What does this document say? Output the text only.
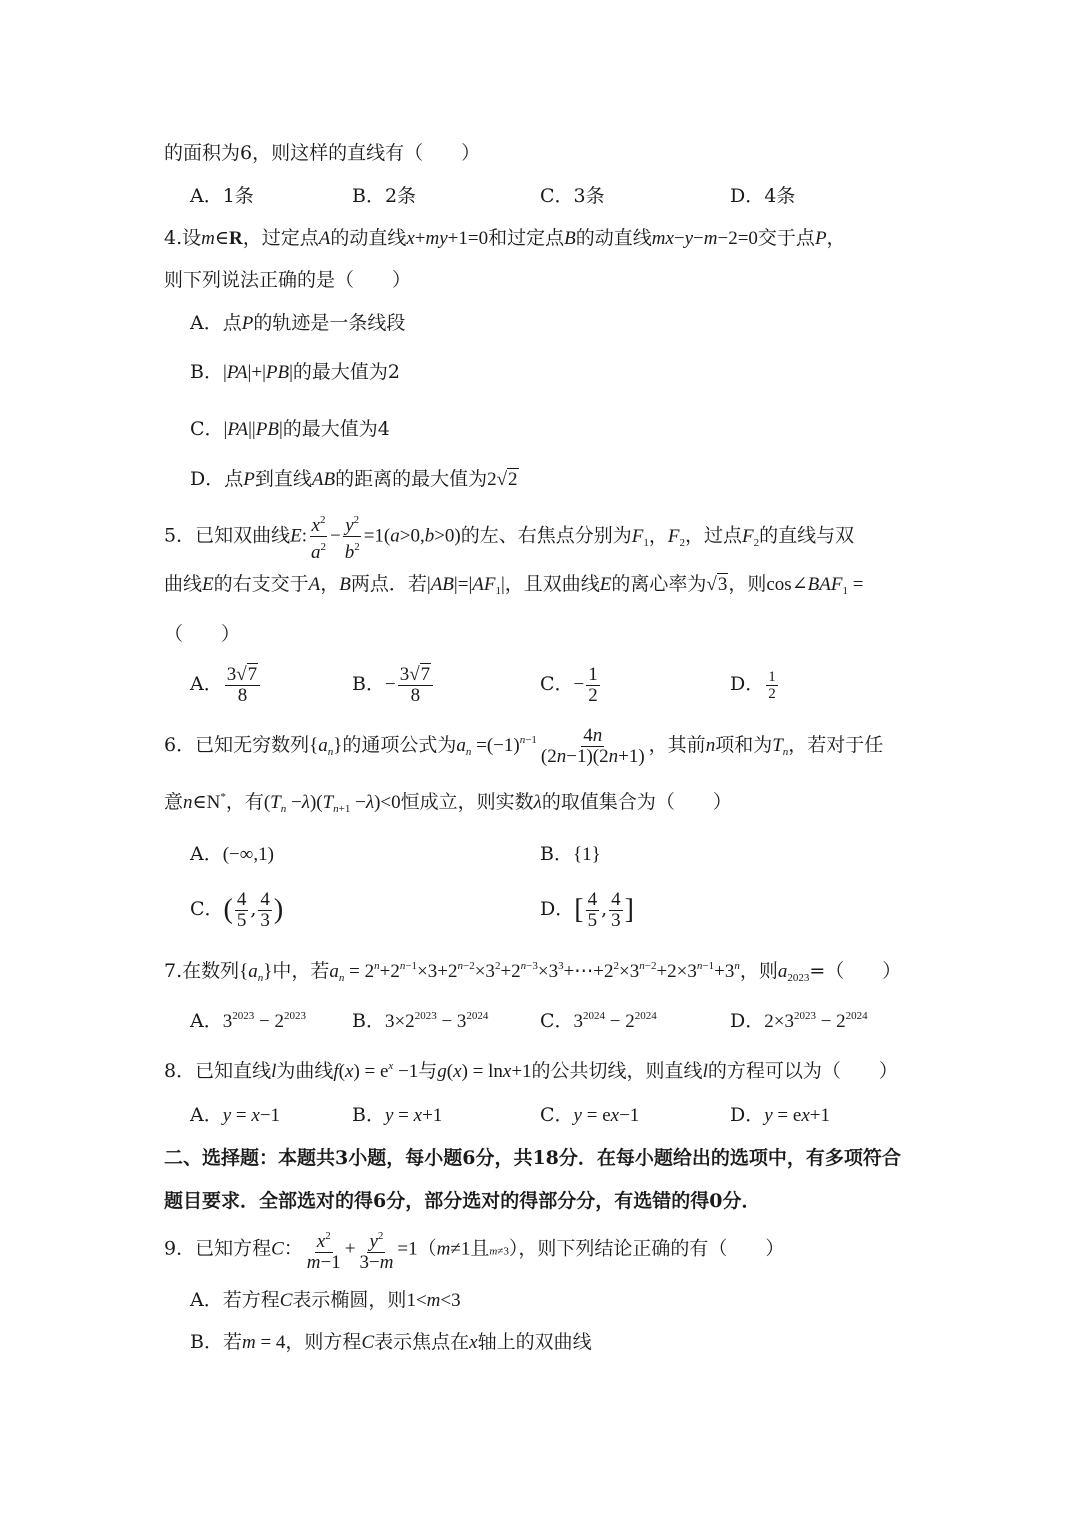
的面积为6，则这样的直线有（　　）
A．1条	B．2条	C．3条	D．4条
4.设m∈R，过定点A的动直线x+my+1=0和过定点B的动直线mx−y−m−2=0交于点P，
则下列说法正确的是（　　）
A．点P的轨迹是一条线段
B．|PA|+|PB|的最大值为2
C．|PA||PB|的最大值为4
D．点P到直线AB的距离的最大值为2√2
5．已知双曲线E: $\frac{x^2}{a^2} - \frac{y^2}{b^2} =1(a>0,b>0)$的左、右焦点分别为$F_1$，$F_2$，过点$F_2$的直线与双
曲线E的右支交于A，B两点．若$|AB|=|AF_1|$，且双曲线E的离心率为√3，则$\cos\angle BAF_1$ =
（　　）
A． $\frac{3√7}{8}$	B．− $\frac{3√7}{8}$	C．− $\frac{1}{2}$	D． $\frac{1}{2}$
6．已知无穷数列$\{a_n\}$的通项公式为$a_n =(-1)^{n-1} \frac{4n}{(2n-1)(2n+1)}$ ，其前n项和为$T_n$，若对于任
意n∈N*，有$(T_n -\lambda)(T_{n+1} -\lambda)<0$恒成立，则实数λ的取值集合为（　　）
A．(−∞,1)	B．{1}
C．( $\frac{4}{5}$ , $\frac{4}{3}$ )	D．[ $\frac{4}{5}$ , $\frac{4}{3}$ ]
7.在数列$\{a_n\}$中，若$a_n$ = $2^n+2^{n-1}\times 3+2^{n-2}\times 3^2+2^{n-3}\times 3^3+\cdots+2^2\times 3^{n-2}+2\times 3^{n-1}+3^n$，则$a_{2023}=$（　　）
A．$3^{2023} - 2^{2023}$ B．$3\times 2^{2023} - 3^{2024}$	C．$3^{2024} - 2^{2024}$	D．$2\times 3^{2023} - 2^{2024}$
8．已知直线l为曲线$f(x) = e^x -1$与g(x) = lnx+1的公共切线，则直线l的方程可以为（　　）
A．y = x−1	B．y = x+1	C．y = ex−1	D．y = ex+1
二、选择题：本题共3小题，每小题6分，共18分．在每小题给出的选项中，有多项符合
题目要求．全部选对的得6分，部分选对的得部分分，有选错的得0分．
9．已知方程C： $\frac{x^2}{m-1} + \frac{y^2}{3-m} =1(m\ne 1$且m≠3），则下列结论正确的有（　　）
A．若方程C表示椭圆，则1<m<3
B．若m = 4，则方程C表示焦点在x轴上的双曲线
